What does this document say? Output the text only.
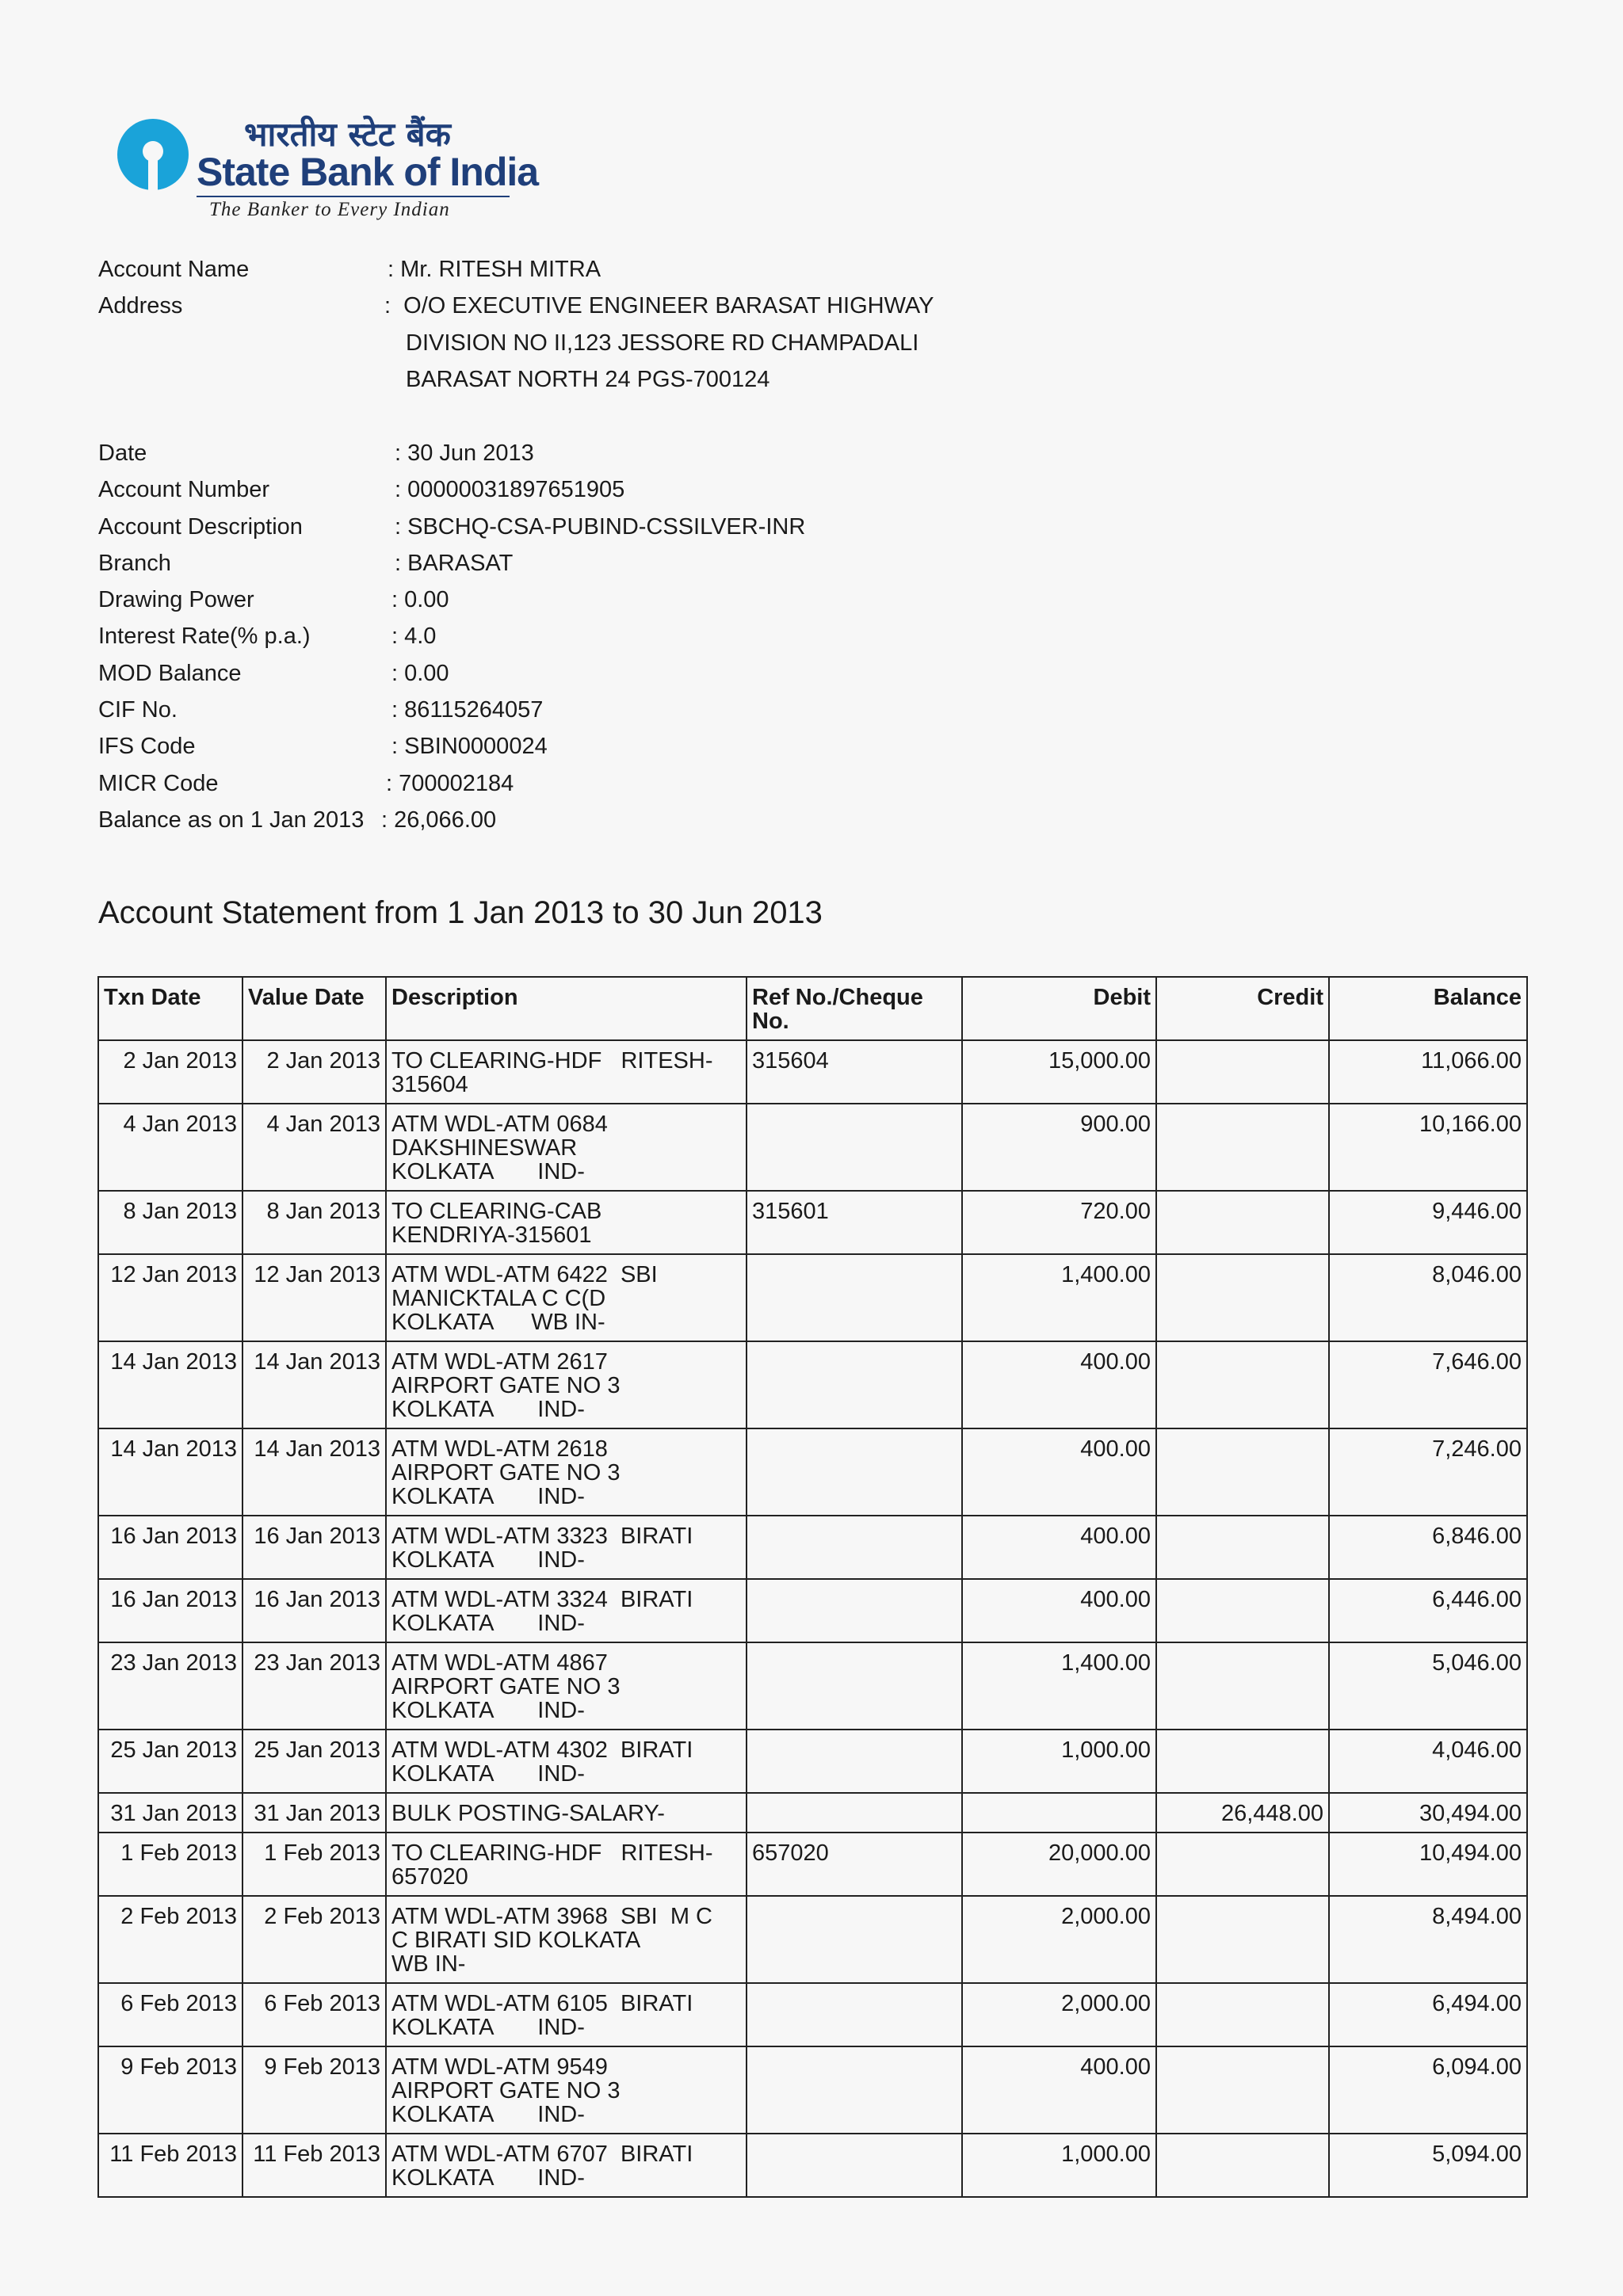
भारतीय स्टेट बैंक
State Bank of India
The Banker to Every Indian
Account Name	: Mr. RITESH MITRA
Address	:  O/O EXECUTIVE ENGINEER BARASAT HIGHWAY
DIVISION NO II,123 JESSORE RD CHAMPADALI
BARASAT NORTH 24 PGS-700124
Date	: 30 Jun 2013
Account Number	: 00000031897651905
Account Description	: SBCHQ-CSA-PUBIND-CSSILVER-INR
Branch	: BARASAT
Drawing Power	: 0.00
Interest Rate(% p.a.)	: 4.0
MOD Balance	: 0.00
CIF No.	: 86115264057
IFS Code	: SBIN0000024
MICR Code	: 700002184
Balance as on 1 Jan 2013 : 26,066.00
Account Statement from 1 Jan 2013 to 30 Jun 2013
Txn Date	Value Date	Description	Ref No./Cheque No.	Debit	Credit	Balance
2 Jan 2013	2 Jan 2013	TO CLEARING-HDF   RITESH-315604	315604	15,000.00		11,066.00
4 Jan 2013	4 Jan 2013	ATM WDL-ATM 0684
DAKSHINESWAR
KOLKATA       IND-		900.00		10,166.00
8 Jan 2013	8 Jan 2013	TO CLEARING-CAB
KENDRIYA-315601	315601	720.00		9,446.00
12 Jan 2013	12 Jan 2013	ATM WDL-ATM 6422  SBI
MANICKTALA C C(D
KOLKATA      WB IN-		1,400.00		8,046.00
14 Jan 2013	14 Jan 2013	ATM WDL-ATM 2617
AIRPORT GATE NO 3
KOLKATA       IND-		400.00		7,646.00
14 Jan 2013	14 Jan 2013	ATM WDL-ATM 2618
AIRPORT GATE NO 3
KOLKATA       IND-		400.00		7,246.00
16 Jan 2013	16 Jan 2013	ATM WDL-ATM 3323  BIRATI
KOLKATA       IND-		400.00		6,846.00
16 Jan 2013	16 Jan 2013	ATM WDL-ATM 3324  BIRATI
KOLKATA       IND-		400.00		6,446.00
23 Jan 2013	23 Jan 2013	ATM WDL-ATM 4867
AIRPORT GATE NO 3
KOLKATA       IND-		1,400.00		5,046.00
25 Jan 2013	25 Jan 2013	ATM WDL-ATM 4302  BIRATI
KOLKATA       IND-		1,000.00		4,046.00
31 Jan 2013	31 Jan 2013	BULK POSTING-SALARY-			26,448.00	30,494.00
1 Feb 2013	1 Feb 2013	TO CLEARING-HDF   RITESH-657020	657020	20,000.00		10,494.00
2 Feb 2013	2 Feb 2013	ATM WDL-ATM 3968  SBI  M C
C BIRATI SID KOLKATA
WB IN-		2,000.00		8,494.00
6 Feb 2013	6 Feb 2013	ATM WDL-ATM 6105  BIRATI
KOLKATA       IND-		2,000.00		6,494.00
9 Feb 2013	9 Feb 2013	ATM WDL-ATM 9549
AIRPORT GATE NO 3
KOLKATA       IND-		400.00		6,094.00
11 Feb 2013	11 Feb 2013	ATM WDL-ATM 6707  BIRATI
KOLKATA       IND-		1,000.00		5,094.00
